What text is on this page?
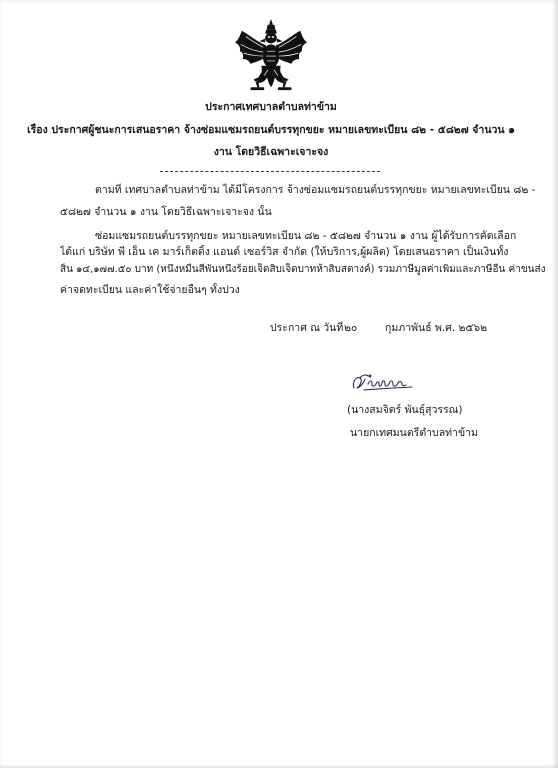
ประกาศเทศบาลตำบลท่าข้าม
เรื่อง ประกาศผู้ชนะการเสนอราคา จ้างซ่อมแซมรถยนต์บรรทุกขยะ หมายเลขทะเบียน ๘๒ - ๕๘๒๗ จำนวน ๑
งาน โดยวิธีเฉพาะเจาะจง
ตามที่ เทศบาลตำบลท่าข้าม ได้มีโครงการ จ้างซ่อมแซมรถยนต์บรรทุกขยะ หมายเลขทะเบียน ๘๒ -
๕๘๒๗ จำนวน ๑ งาน โดยวิธีเฉพาะเจาะจง นั้น
ซ่อมแซมรถยนต์บรรทุกขยะ หมายเลขทะเบียน ๘๒ - ๕๘๒๗ จำนวน ๑ งาน ผู้ได้รับการคัดเลือก
ได้แก่ บริษัท พี เอ็น เค มาร์เก็ตติ้ง แอนด์ เซอร์วิส จำกัด (ให้บริการ,ผู้ผลิต) โดยเสนอราคา เป็นเงินทั้ง
สิ้น ๑๔,๑๗๗.๕๐ บาท (หนึ่งหมื่นสี่พันหนึ่งร้อยเจ็ดสิบเจ็ดบาทห้าสิบสตางค์) รวมภาษีมูลค่าเพิ่มและภาษีอื่น ค่าขนส่ง
ค่าจดทะเบียน และค่าใช้จ่ายอื่นๆ ทั้งปวง
ประกาศ ณ วันที่ ๒๐	กุมภาพันธ์ พ.ศ. ๒๕๖๒
(นางสมจิตร์ พันธุ์สุวรรณ)
นายกเทศมนตรีตำบลท่าข้าม
